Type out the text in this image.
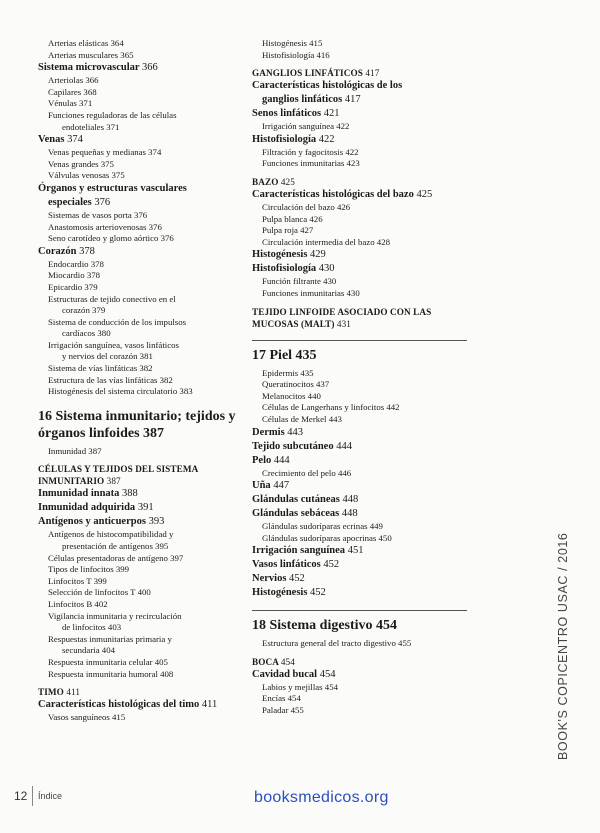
Arterias elásticas 364
Arterias musculares 365
Sistema microvascular 366
Arteriolas 366
Capilares 368
Vénulas 371
Funciones reguladoras de las células
endoteliales 371
Venas 374
Venas pequeñas y medianas 374
Venas grandes 375
Válvulas venosas 375
Órganos y estructuras vasculares
especiales 376
Sistemas de vasos porta 376
Anastomosis arteriovenosas 376
Seno carotídeo y glomo aórtico 376
Corazón 378
Endocardio 378
Miocardio 378
Epicardio 379
Estructuras de tejido conectivo en el
corazón 379
Sistema de conducción de los impulsos
cardíacos 380
Irrigación sanguínea, vasos linfáticos
y nervios del corazón 381
Sistema de vías linfáticas 382
Estructura de las vías linfáticas 382
Histogénesis del sistema circulatorio 383
16 Sistema inmunitario; tejidos y órganos linfoides 387
Inmunidad 387
CÉLULAS Y TEJIDOS DEL SISTEMA INMUNITARIO 387
Inmunidad innata 388
Inmunidad adquirida 391
Antígenos y anticuerpos 393
Antígenos de histocompatibilidad y
presentación de antígenos 395
Células presentadoras de antígeno 397
Tipos de linfocitos 399
Linfocitos T 399
Selección de linfocitos T 400
Linfocitos B 402
Vigilancia inmunitaria y recirculación
de linfocitos 403
Respuestas inmunitarias primaria y
secundaria 404
Respuesta inmunitaria celular 405
Respuesta inmunitaria humoral 408
TIMO 411
Características histológicas del timo 411
Vasos sanguíneos 415
Histogénesis 415
Histofisiología 416
GANGLIOS LINFÁTICOS 417
Características histológicas de los
ganglios linfáticos 417
Senos linfáticos 421
Irrigación sanguínea 422
Histofisiología 422
Filtración y fagocitosis 422
Funciones inmunitarias 423
BAZO 425
Características histológicas del bazo 425
Circulación del bazo 426
Pulpa blanca 426
Pulpa roja 427
Circulación intermedia del bazo 428
Histogénesis 429
Histofisiología 430
Función filtrante 430
Funciones inmunitarias 430
TEJIDO LINFOIDE ASOCIADO CON LAS MUCOSAS (MALT) 431
17 Piel 435
Epidermis 435
Queratinocitos 437
Melanocitos 440
Células de Langerhans y linfocitos 442
Células de Merkel 443
Dermis 443
Tejido subcutáneo 444
Pelo 444
Crecimiento del pelo 446
Uña 447
Glándulas cutáneas 448
Glándulas sebáceas 448
Glándulas sudoríparas ecrinas 449
Glándulas sudoríparas apocrinas 450
Irrigación sanguínea 451
Vasos linfáticos 452
Nervios 452
Histogénesis 452
18 Sistema digestivo 454
Estructura general del tracto digestivo 455
BOCA 454
Cavidad bucal 454
Labios y mejillas 454
Encías 454
Paladar 455
12 Índice	booksmedicos.org
BOOK'S COPICENTRO USAC / 2016
